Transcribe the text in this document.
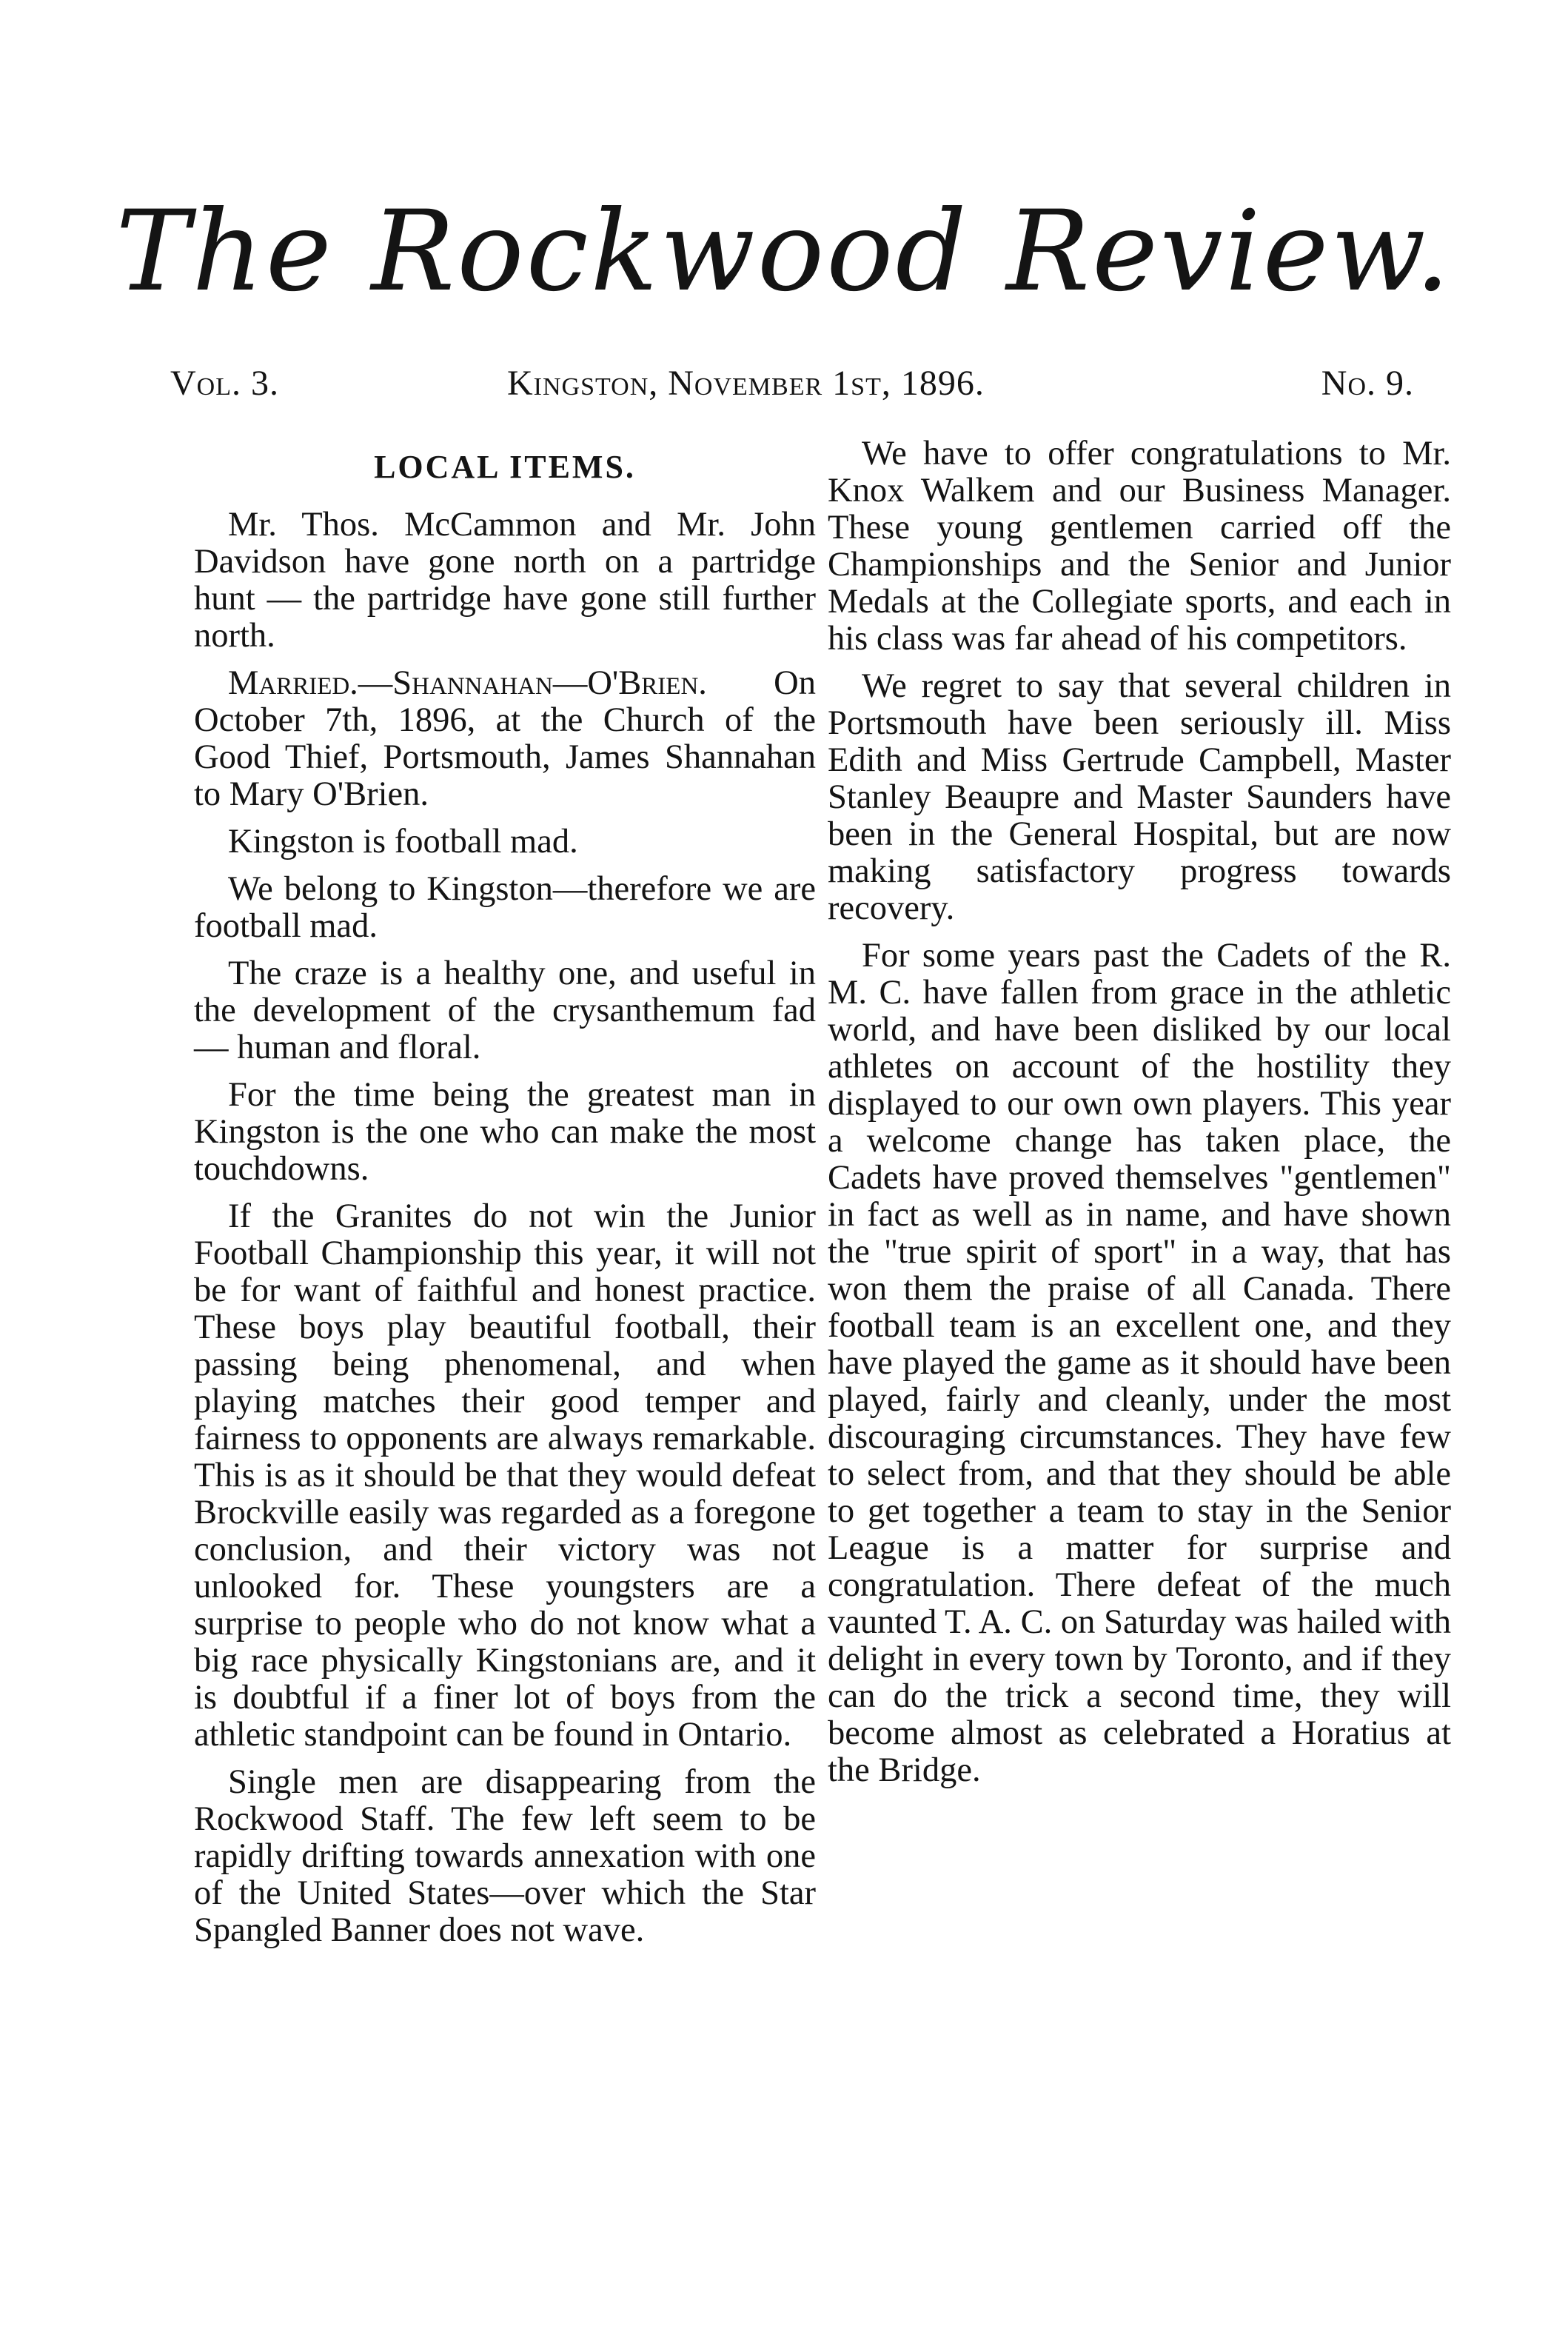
The Rockwood Review.
Vol. 3.	Kingston, November 1st, 1896.	No. 9.
LOCAL ITEMS.

Mr. Thos. McCammon and Mr. John Davidson have gone north on a partridge hunt — the partridge have gone still further north.

Married.—Shannahan—O'Brien. On October 7th, 1896, at the Church of the Good Thief, Portsmouth, James Shannahan to Mary O'Brien.

Kingston is football mad.

We belong to Kingston—therefore we are football mad.

The craze is a healthy one, and useful in the development of the crysanthemum fad — human and floral.

For the time being the greatest man in Kingston is the one who can make the most touchdowns.

If the Granites do not win the Junior Football Championship this year, it will not be for want of faithful and honest practice. These boys play beautiful football, their passing being phenomenal, and when playing matches their good temper and fairness to opponents are always remarkable. This is as it should be that they would defeat Brockville easily was regarded as a foregone conclusion, and their victory was not unlooked for. These youngsters are a surprise to people who do not know what a big race physically Kingstonians are, and it is doubtful if a finer lot of boys from the athletic standpoint can be found in Ontario.

Single men are disappearing from the Rockwood Staff. The few left seem to be rapidly drifting towards annexation with one of the United States—over which the Star Spangled Banner does not wave.

We have to offer congratulations to Mr. Knox Walkem and our Business Manager. These young gentlemen carried off the Championships and the Senior and Junior Medals at the Collegiate sports, and each in his class was far ahead of his competitors.

We regret to say that several children in Portsmouth have been seriously ill. Miss Edith and Miss Gertrude Campbell, Master Stanley Beaupre and Master Saunders have been in the General Hospital, but are now making satisfactory progress towards recovery.

For some years past the Cadets of the R. M. C. have fallen from grace in the athletic world, and have been disliked by our local athletes on account of the hostility they displayed to our own own players. This year a welcome change has taken place, the Cadets have proved themselves "gentlemen" in fact as well as in name, and have shown the "true spirit of sport" in a way, that has won them the praise of all Canada. There football team is an excellent one, and they have played the game as it should have been played, fairly and cleanly, under the most discouraging circumstances. They have few to select from, and that they should be able to get together a team to stay in the Senior League is a matter for surprise and congratulation. There defeat of the much vaunted T. A. C. on Saturday was hailed with delight in every town by Toronto, and if they can do the trick a second time, they will become almost as celebrated a Horatius at the Bridge.
